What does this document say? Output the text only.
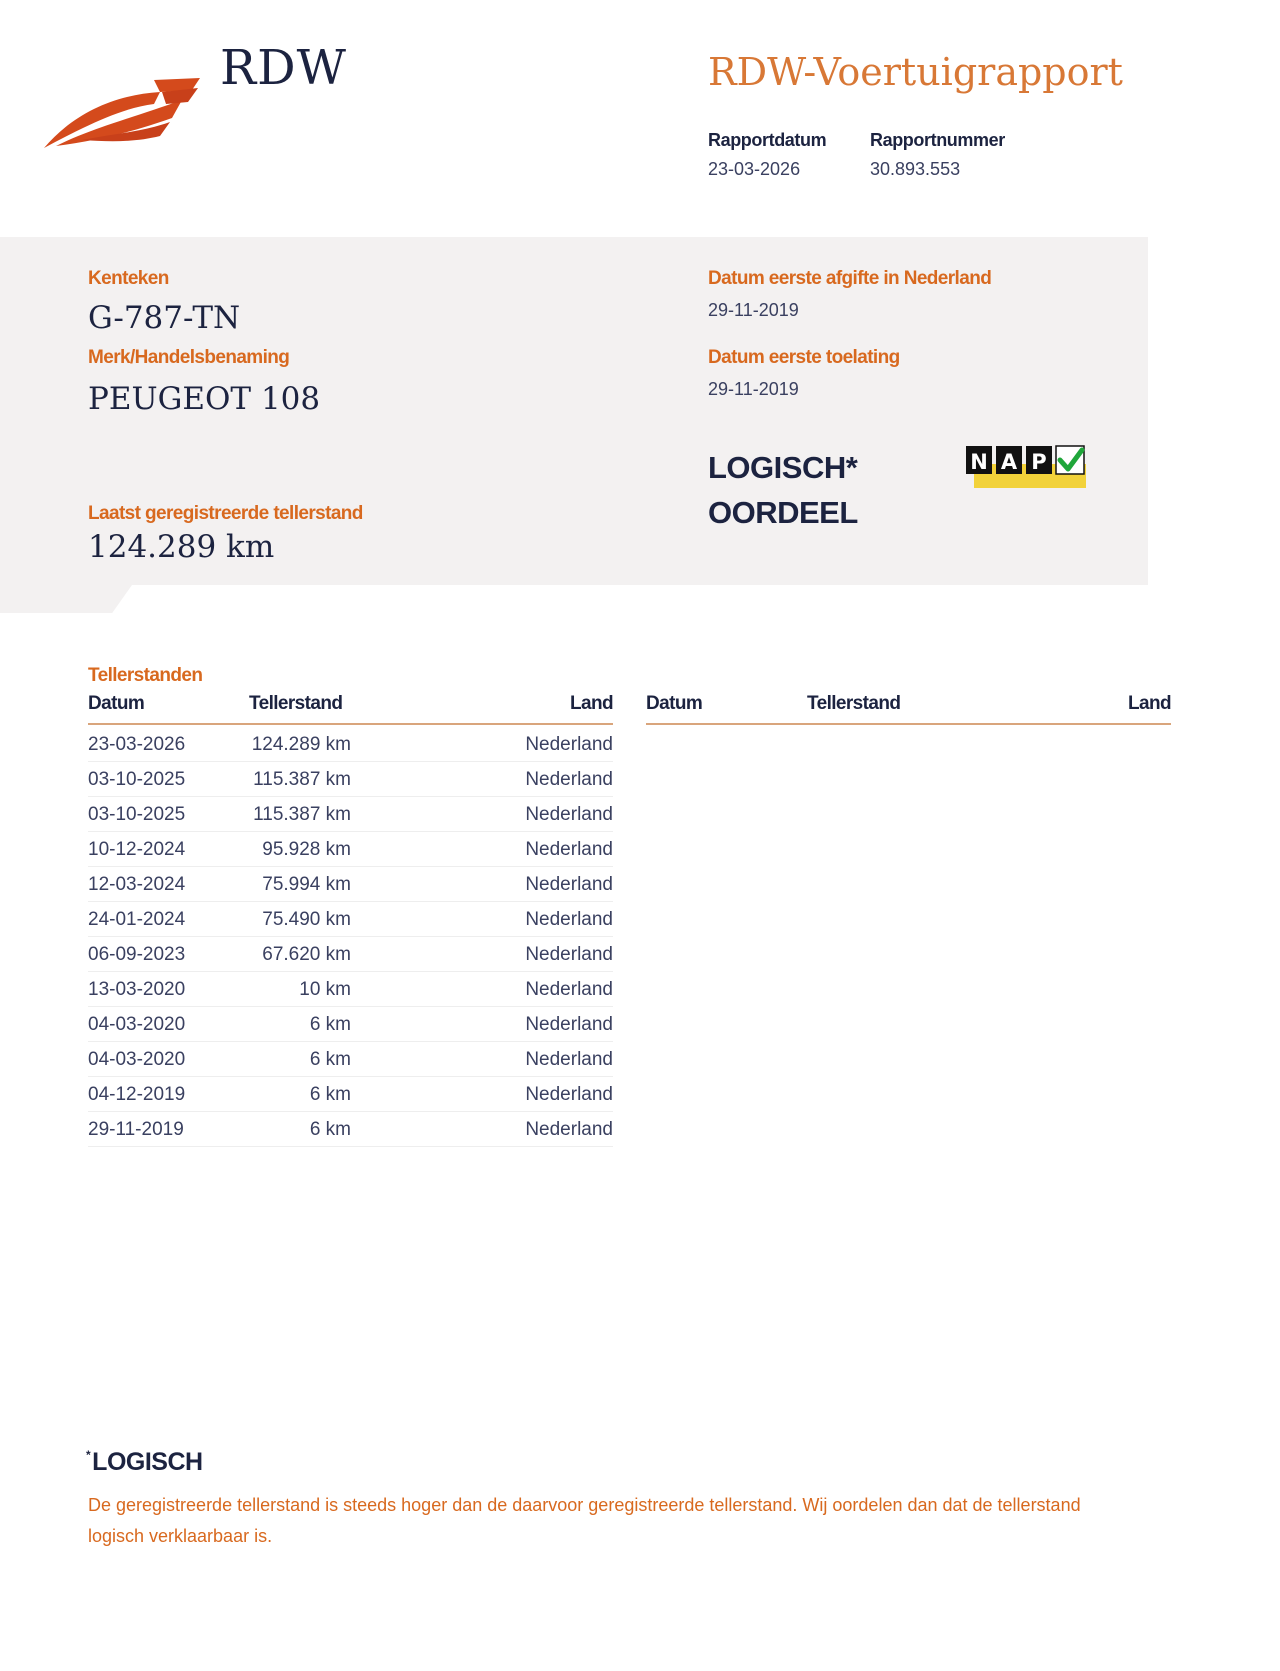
RDW	RDW-Voertuigrapport
Rapportdatum
23-03-2026
Rapportnummer
30.893.553
Kenteken
G-787-TN
Merk/Handelsbenaming
PEUGEOT 108
Laatst geregistreerde tellerstand
124.289 km
Datum eerste afgifte in Nederland
29-11-2019
Datum eerste toelating
29-11-2019
LOGISCH*
OORDEEL
N A P
Tellerstanden
Datum	Tellerstand	Land Datum	Tellerstand	Land
23-03-2026	124.289 km	Nederland
03-10-2025	115.387 km	Nederland
03-10-2025	115.387 km	Nederland
10-12-2024	95.928 km	Nederland
12-03-2024	75.994 km	Nederland
24-01-2024	75.490 km	Nederland
06-09-2023	67.620 km	Nederland
13-03-2020	10 km	Nederland
04-03-2020	6 km	Nederland
04-03-2020	6 km	Nederland
04-12-2019	6 km	Nederland
29-11-2019	6 km	Nederland
*LOGISCH
De geregistreerde tellerstand is steeds hoger dan de daarvoor geregistreerde tellerstand. Wij oordelen dan dat de tellerstand logisch verklaarbaar is.
